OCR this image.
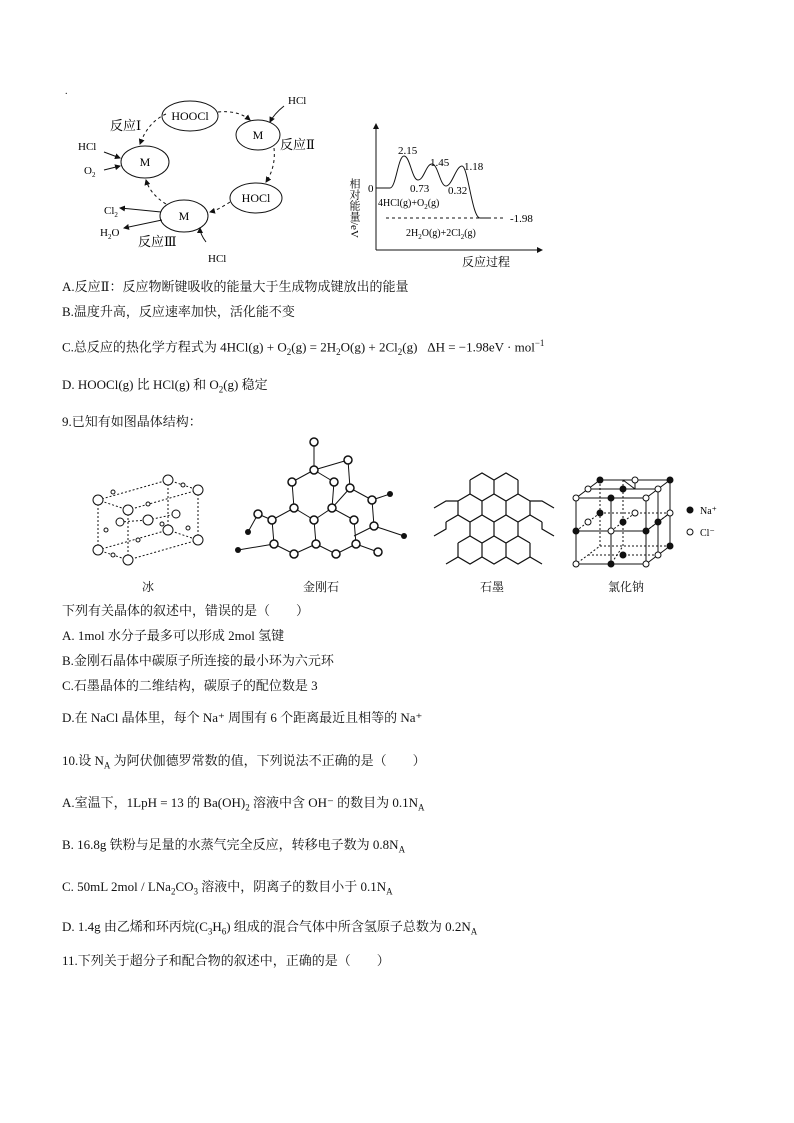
.
HOOCl
M
M
HOCl
M
反应Ⅰ
反应Ⅱ
反应Ⅲ
HCl
$O_2$
HCl
$Cl_2$
$H_2O$
HCl
相对能量/eV 0
2.15
1.45 1.18
0.73 0.32
$4HCl(g)+O_2(g)$
-1.98
$2H_2O(g)+2Cl_2(g)$
反应过程
A.反应Ⅱ：反应物断键吸收的能量大于生成物成键放出的能量
B.温度升高，反应速率加快，活化能不变
C.总反应的热化学方程式为 $4HCl(g) + O_2(g) = 2H_2O(g) + 2Cl_2(g) \Delta H = -1.98eV \cdot mol^{-1}$
D. HOOCl(g) 比 HCl(g) 和 $O_2(g)$ 稳定
9.已知有如图晶体结构：
冰	金刚石	石墨
Na⁺
Cl⁻
氯化钠
下列有关晶体的叙述中，错误的是（　　）
A. 1mol 水分子最多可以形成 2mol 氢键
B.金刚石晶体中碳原子所连接的最小环为六元环
C.石墨晶体的二维结构，碳原子的配位数是 3
D.在 NaCl 晶体里，每个 Na⁺ 周围有 6 个距离最近且相等的 Na⁺
10.设 $N_A$ 为阿伏伽德罗常数的值，下列说法不正确的是（　　）
A.室温下，1LpH = 13 的 $Ba(OH)_2$ 溶液中含 OH⁻ 的数目为 $0.1N_A$
B. 16.8g 铁粉与足量的水蒸气完全反应，转移电子数为 $0.8N_A$
C. 50mL $2mol / LNa_2CO_3$ 溶液中，阴离子的数目小于 $0.1N_A$
D. 1.4g 由乙烯和环丙烷$(C_3H_6)$ 组成的混合气体中所含氢原子总数为 $0.2N_A$
11.下列关于超分子和配合物的叙述中，正确的是（　　）
